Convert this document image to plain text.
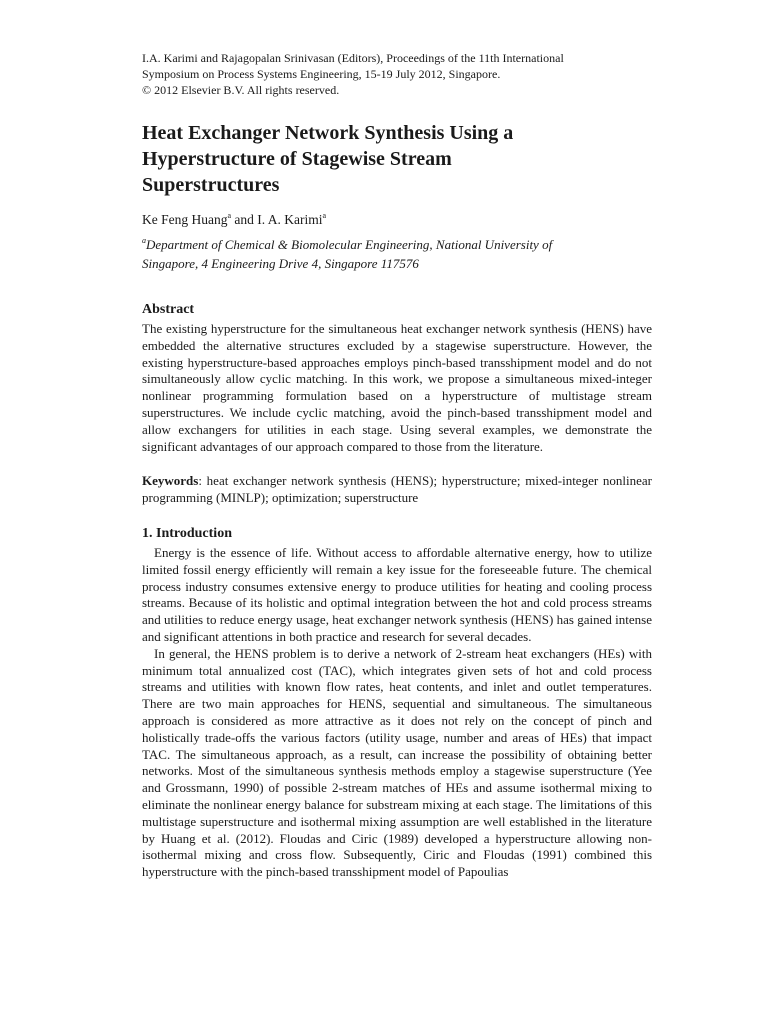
I.A. Karimi and Rajagopalan Srinivasan (Editors), Proceedings of the 11th International
Symposium on Process Systems Engineering, 15-19 July 2012, Singapore.
© 2012 Elsevier B.V. All rights reserved.
Heat Exchanger Network Synthesis Using a
Hyperstructure of Stagewise Stream
Superstructures
Ke Feng Huang$^a$ and I. A. Karimi$^a$
$^a$Department of Chemical & Biomolecular Engineering, National University of
Singapore, 4 Engineering Drive 4, Singapore 117576
Abstract

The existing hyperstructure for the simultaneous heat exchanger network synthesis (HENS) have embedded the alternative structures excluded by a stagewise superstructure. However, the existing hyperstructure-based approaches employs pinch-based transshipment model and do not simultaneously allow cyclic matching. In this work, we propose a simultaneous mixed-integer nonlinear programming formulation based on a hyperstructure of multistage stream superstructures. We include cyclic matching, avoid the pinch-based transshipment model and allow exchangers for utilities in each stage. Using several examples, we demonstrate the significant advantages of our approach compared to those from the literature.

Keywords: heat exchanger network synthesis (HENS); hyperstructure; mixed-integer nonlinear programming (MINLP); optimization; superstructure

1. Introduction

Energy is the essence of life. Without access to affordable alternative energy, how to utilize limited fossil energy efficiently will remain a key issue for the foreseeable future. The chemical process industry consumes extensive energy to produce utilities for heating and cooling process streams. Because of its holistic and optimal integration between the hot and cold process streams and utilities to reduce energy usage, heat exchanger network synthesis (HENS) has gained intense and significant attentions in both practice and research for several decades.

In general, the HENS problem is to derive a network of 2-stream heat exchangers (HEs) with minimum total annualized cost (TAC), which integrates given sets of hot and cold process streams and utilities with known flow rates, heat contents, and inlet and outlet temperatures. There are two main approaches for HENS, sequential and simultaneous. The simultaneous approach is considered as more attractive as it does not rely on the concept of pinch and holistically trade-offs the various factors (utility usage, number and areas of HEs) that impact TAC. The simultaneous approach, as a result, can increase the possibility of obtaining better networks. Most of the simultaneous synthesis methods employ a stagewise superstructure (Yee and Grossmann, 1990) of possible 2-stream matches of HEs and assume isothermal mixing to eliminate the nonlinear energy balance for substream mixing at each stage. The limitations of this multistage superstructure and isothermal mixing assumption are well established in the literature by Huang et al. (2012). Floudas and Ciric (1989) developed a hyperstructure allowing non-isothermal mixing and cross flow. Subsequently, Ciric and Floudas (1991) combined this hyperstructure with the pinch-based transshipment model of Papoulias
